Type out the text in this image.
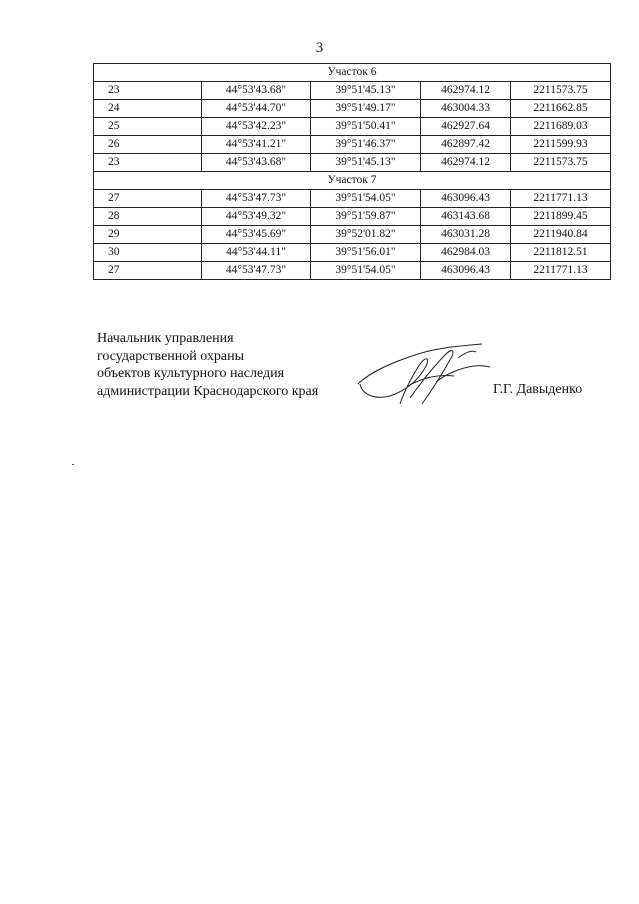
3
Участок 6				
23	44°53'43.68"	39°51'45.13"	462974.12	2211573.75
24	44°53'44.70"	39°51'49.17"	463004.33	2211662.85
25	44°53'42.23"	39°51'50.41"	462927.64	2211689.03
26	44°53'41.21"	39°51'46.37"	462897.42	2211599.93
23	44°53'43.68"	39°51'45.13"	462974.12	2211573.75
Участок 7				
27	44°53'47.73"	39°51'54.05"	463096.43	2211771.13
28	44°53'49.32"	39°51'59.87"	463143.68	2211899.45
29	44°53'45.69"	39°52'01.82"	463031.28	2211940.84
30	44°53'44.11"	39°51'56.01"	462984.03	2211812.51
27	44°53'47.73"	39°51'54.05"	463096.43	2211771.13
Начальник управления
государственной охраны
объектов культурного наследия
администрации Краснодарского края	Г.Г. Давыденко
